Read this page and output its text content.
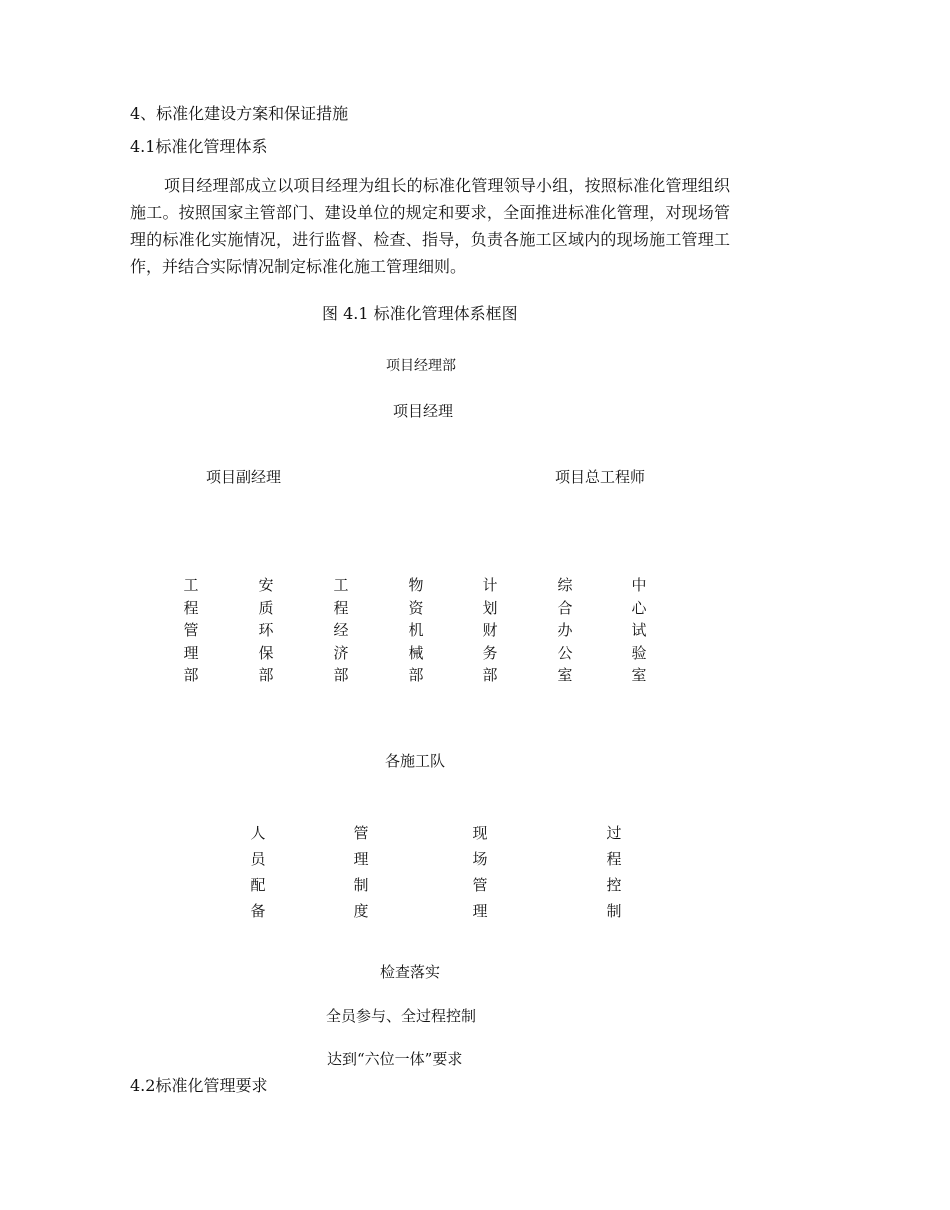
4、标准化建设方案和保证措施
4.1标准化管理体系
项目经理部成立以项目经理为组长的标准化管理领导小组，按照标准化管理组织施工。按照国家主管部门、建设单位的规定和要求，全面推进标准化管理，对现场管理的标准化实施情况，进行监督、检查、指导，负责各施工区域内的现场施工管理工作，并结合实际情况制定标准化施工管理细则。
图 4.1 标准化管理体系框图
项目经理部
项目经理
项目副经理	项目总工程师
工
程
管
理
部
安
质
环
保
部
工
程
经
济
部
物
资
机
械
部
计
划
财
务
部
综
合
办
公
室
中
心
试
验
室
各施工队
人
员
配
备
管
理
制
度
现
场
管
理
过
程
控
制
检查落实
全员参与、全过程控制
达到“六位一体”要求
4.2标准化管理要求
